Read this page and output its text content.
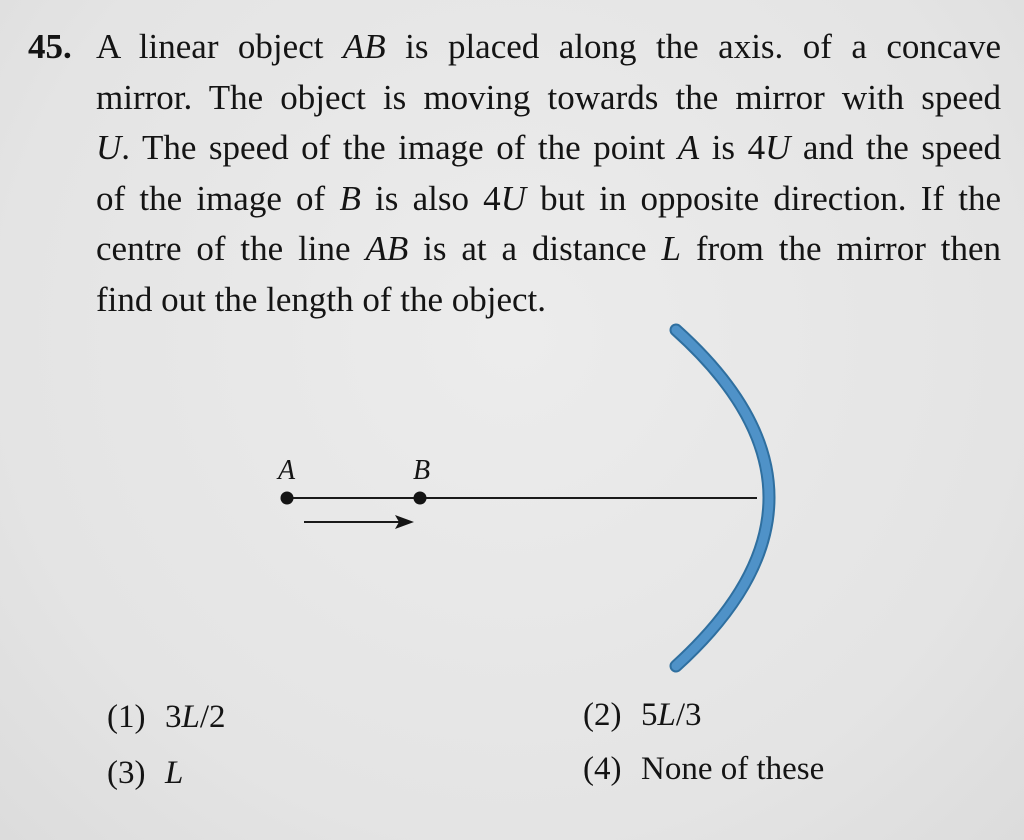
45. A linear object AB is placed along the axis. of a concave
mirror. The object is moving towards the mirror with speed
U. The speed of the image of the point A is 4U and the speed
of the image of B is also 4U but in opposite direction. If the
centre of the line AB is at a distance L from the mirror then
find out the length of the object.
A	B
(1) 3L/2	(2) 5L/3
(3) L	(4) None of these
